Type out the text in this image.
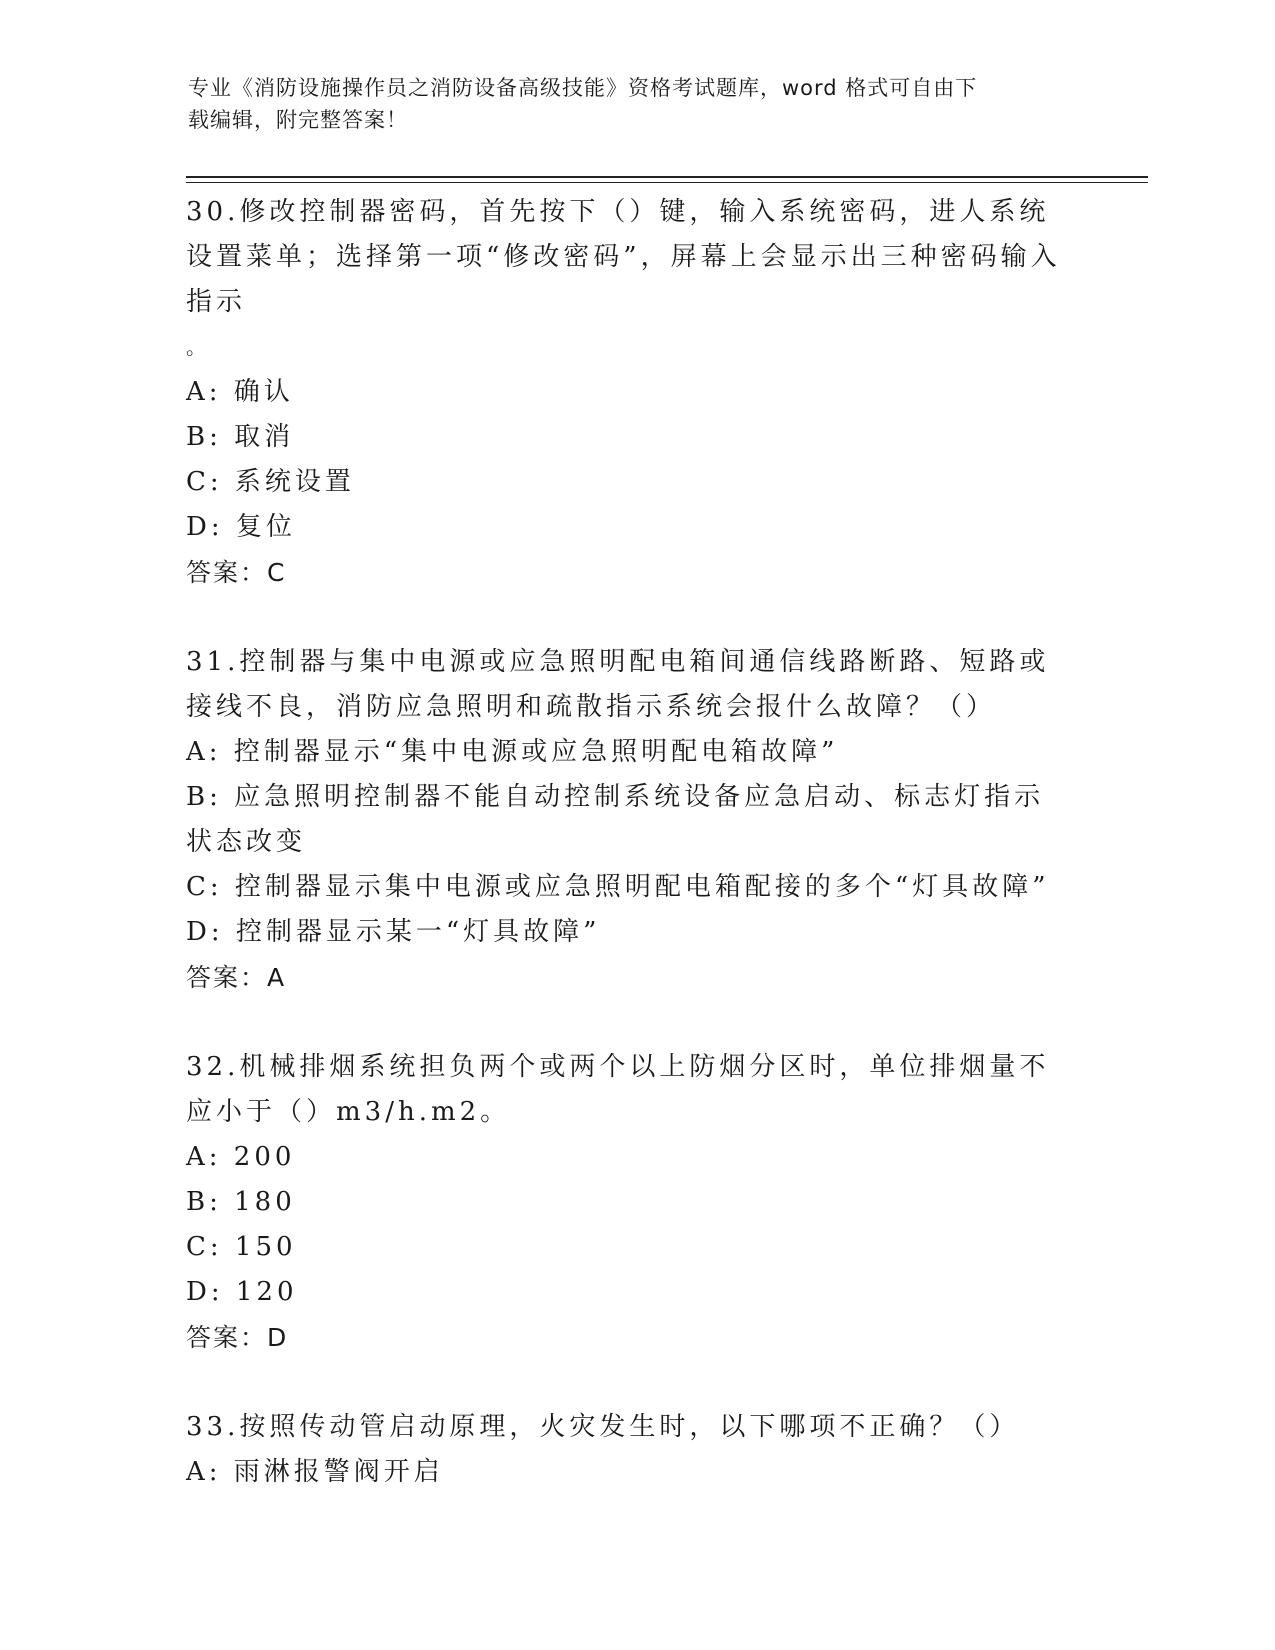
专业《消防设施操作员之消防设备高级技能》资格考试题库，word 格式可自由下
载编辑，附完整答案！
30.修改控制器密码，首先按下（）键，输入系统密码，进人系统设置菜单；选择第一项“修改密码”，屏幕上会显示出三种密码输入指示
。
A: 确认
B: 取消
C: 系统设置
D: 复位
答案：C
31.控制器与集中电源或应急照明配电箱间通信线路断路、短路或接线不良，消防应急照明和疏散指示系统会报什么故障？（）
A: 控制器显示“集中电源或应急照明配电箱故障”
B: 应急照明控制器不能自动控制系统设备应急启动、标志灯指示状态改变
C: 控制器显示集中电源或应急照明配电箱配接的多个“灯具故障”
D: 控制器显示某一“灯具故障”
答案：A
32.机械排烟系统担负两个或两个以上防烟分区时，单位排烟量不应小于（）m3/h.m2。
A: 200
B: 180
C: 150
D: 120
答案：D
33.按照传动管启动原理，火灾发生时，以下哪项不正确？（）
A: 雨淋报警阀开启
